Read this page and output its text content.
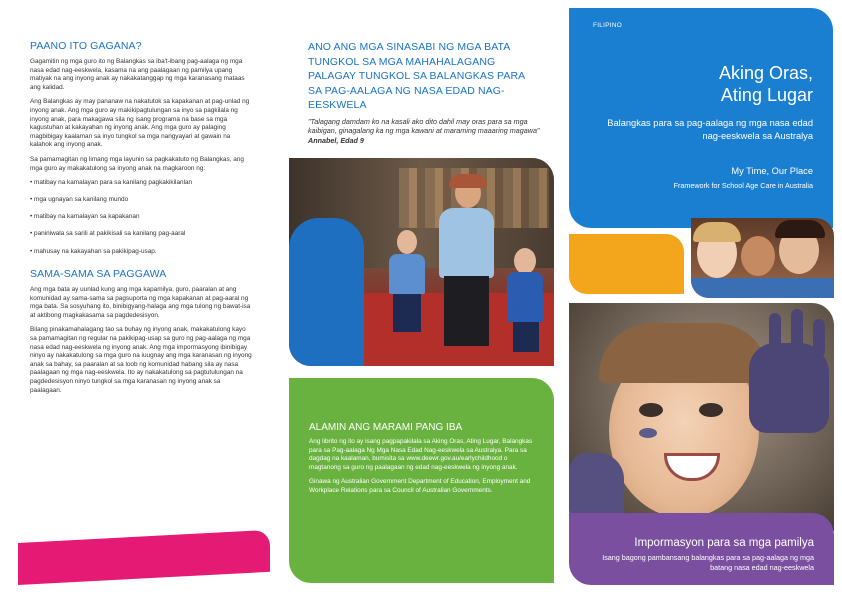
PAANO ITO GAGANA?

Gagamitin ng mga guro ito ng Balangkas sa iba't-ibang pag-aalaga ng mga nasa edad nag-eeskwela, kasama na ang paalagaan ng pamilya upang matiyak na ang inyong anak ay nakakatanggap ng mga karanasang mataas ang kalidad.

Ang Balangkas ay may pananaw na nakatutok sa kapakanan at pag-unlad ng inyong anak. Ang mga guro ay makikipagtulungan sa inyo sa pagkilala ng inyong anak, para makagawa sila ng isang programa na base sa mga kagustuhan at kakayahan ng inyong anak. Ang mga guro ay palaging magbibigay kaalaman sa inyo tungkol sa mga nangyayari at gawain na kalahok ang inyong anak.

Sa pamamagitan ng limang mga layunin sa pagkakatuto ng Balangkas, ang mga guro ay makakatulong sa inyong anak na magkaroon ng:

• matibay na kamalayan para sa kanilang pagkakikilanlan
• mga ugnayan sa kanilang mundo
• matibay na kamalayan sa kapakanan
• paniniwala sa sarili at pakikisali sa kanilang pag-aaral
• mahusay na kakayahan sa pakikipag-usap.
SAMA-SAMA SA PAGGAWA

Ang mga bata ay uunlad kung ang mga kapamilya, guro, paaralan at ang komunidad ay sama-sama sa pagsuporta ng mga kapakanan at pag-aaral ng mga bata. Sa sosyuhang ito, binibigyang-halaga ang mga tulong ng bawat-isa at aktibong magkakasama sa pagdedesisyon.

Bilang pinakamahalagang tao sa buhay ng inyong anak, makakatulong kayo sa pamamagitan ng regular na pakikipag-usap sa guro ng pag-aalaga ng mga nasa edad nag-eeskwela ng inyong anak. Ang mga impormasyong ibinibigay ninyo ay nakakatulong sa mga guro na iuugnay ang mga karanasan ng inyong anak sa bahay, sa paaralan at sa loob ng komunidad habang sila ay nasa paalagaan ng mga nag-eeskwela. Ito ay nakakatulong sa pagtutulungan na pagdedesisyon ninyo tungkol sa mga karanasan ng inyong anak sa paalagaan.

ANO ANG MGA SINASABI NG MGA BATA TUNGKOL SA MGA MAHAHALAGANG PALAGAY TUNGKOL SA BALANGKAS PARA SA PAG-AALAGA NG NASA EDAD NAG-EESKWELA

"Talagang damdam ko na kasali ako dito dahil may oras para sa mga kaibigan, ginagalang ka ng mga kawani at maraming maaaring magawa" Annabel, Edad 9

ALAMIN ANG MARAMI PANG IBA

Ang librito ng ito ay isang pagpapakilala sa Aking Oras, Ating Lugar, Balangkas para sa Pag-aalaga Ng Mga Nasa Edad Nag-eeskwela sa Australya. Para sa dagdag na kaalaman, bumisita sa www.deewr.gov.au/earlychildhood o magtanong sa guro ng paalagaan ng edad nag-eeskwela ng inyong anak.

Ginawa ng Australian Government Department of Education, Employment and Workplace Relations para sa Council of Australian Governments.

FILIPINO
Aking Oras, Ating Lugar
Balangkas para sa pag-aalaga ng mga nasa edad nag-eeskwela sa Australya
My Time, Our Place
Framework for School Age Care in Australia
Impormasyon para sa mga pamilya
Isang bagong pambansang balangkas para sa pag-aalaga ng mga batang nasa edad nag-eeskwela
